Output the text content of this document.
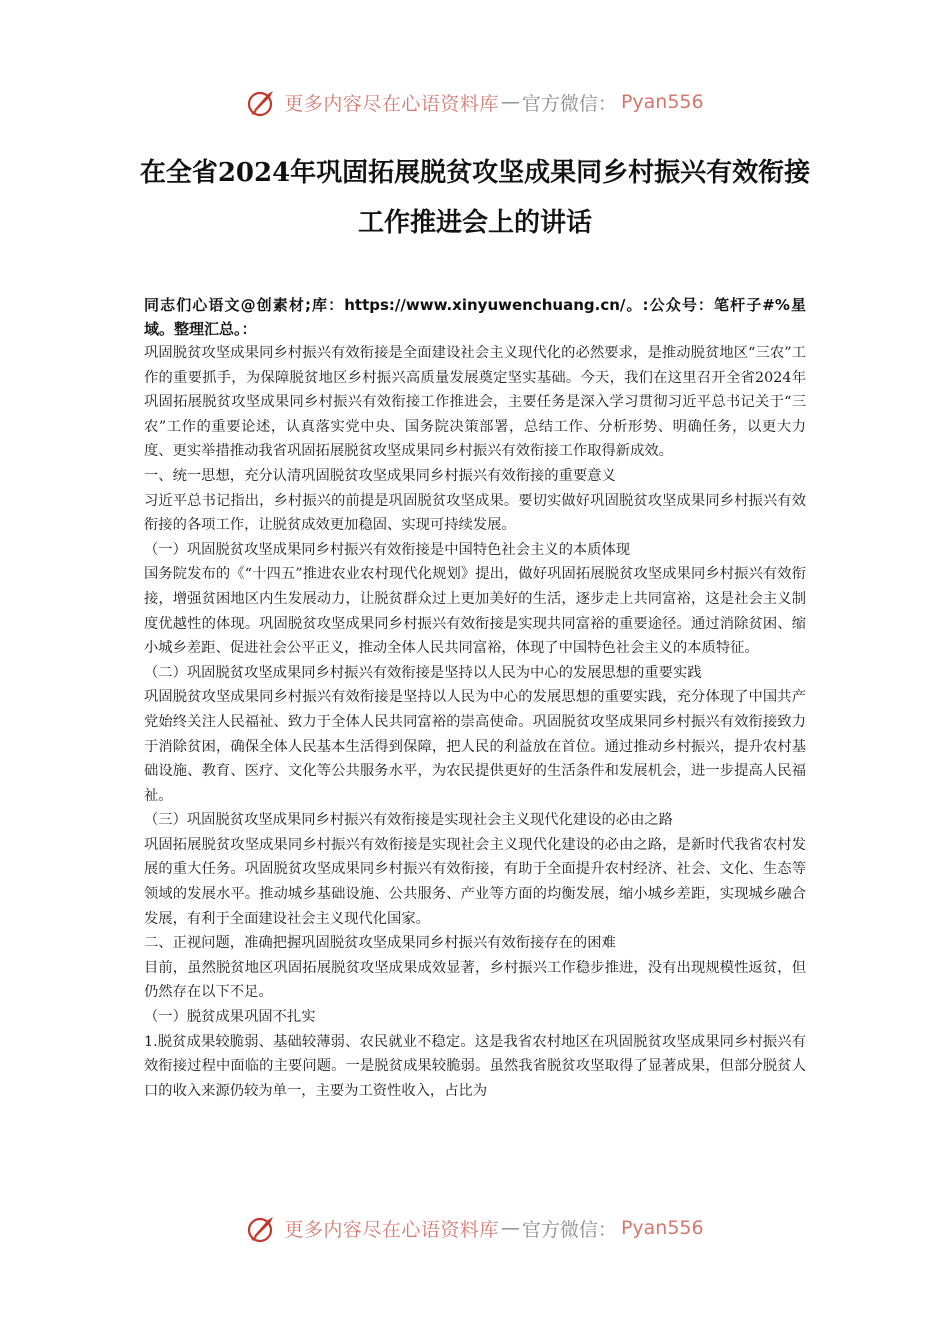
更多内容尽在心语资料库 — 官方微信： Pyan556
在全省2024年巩固拓展脱贫攻坚成果同乡村振兴有效衔接工作推进会上的讲话

同志们心语文@创素材;库：https://www.xinyuwenchuang.cn/。:公众号：笔杆子#%星域。整理汇总。：

巩固脱贫攻坚成果同乡村振兴有效衔接是全面建设社会主义现代化的必然要求，是推动脱贫地区“三农”工作的重要抓手，为保障脱贫地区乡村振兴高质量发展奠定坚实基础。今天，我们在这里召开全省2024年巩固拓展脱贫攻坚成果同乡村振兴有效衔接工作推进会，主要任务是深入学习贯彻习近平总书记关于“三农”工作的重要论述，认真落实党中央、国务院决策部署，总结工作、分析形势、明确任务，以更大力度、更实举措推动我省巩固拓展脱贫攻坚成果同乡村振兴有效衔接工作取得新成效。

一、统一思想，充分认清巩固脱贫攻坚成果同乡村振兴有效衔接的重要意义

习近平总书记指出，乡村振兴的前提是巩固脱贫攻坚成果。要切实做好巩固脱贫攻坚成果同乡村振兴有效衔接的各项工作，让脱贫成效更加稳固、实现可持续发展。

（一）巩固脱贫攻坚成果同乡村振兴有效衔接是中国特色社会主义的本质体现

国务院发布的《“十四五”推进农业农村现代化规划》提出，做好巩固拓展脱贫攻坚成果同乡村振兴有效衔接，增强贫困地区内生发展动力，让脱贫群众过上更加美好的生活，逐步走上共同富裕，这是社会主义制度优越性的体现。巩固脱贫攻坚成果同乡村振兴有效衔接是实现共同富裕的重要途径。通过消除贫困、缩小城乡差距、促进社会公平正义，推动全体人民共同富裕，体现了中国特色社会主义的本质特征。

（二）巩固脱贫攻坚成果同乡村振兴有效衔接是坚持以人民为中心的发展思想的重要实践

巩固脱贫攻坚成果同乡村振兴有效衔接是坚持以人民为中心的发展思想的重要实践，充分体现了中国共产党始终关注人民福祉、致力于全体人民共同富裕的崇高使命。巩固脱贫攻坚成果同乡村振兴有效衔接致力于消除贫困，确保全体人民基本生活得到保障，把人民的利益放在首位。通过推动乡村振兴，提升农村基础设施、教育、医疗、文化等公共服务水平，为农民提供更好的生活条件和发展机会，进一步提高人民福祉。

（三）巩固脱贫攻坚成果同乡村振兴有效衔接是实现社会主义现代化建设的必由之路

巩固拓展脱贫攻坚成果同乡村振兴有效衔接是实现社会主义现代化建设的必由之路，是新时代我省农村发展的重大任务。巩固脱贫攻坚成果同乡村振兴有效衔接，有助于全面提升农村经济、社会、文化、生态等领域的发展水平。推动城乡基础设施、公共服务、产业等方面的均衡发展，缩小城乡差距，实现城乡融合发展，有利于全面建设社会主义现代化国家。

二、正视问题，准确把握巩固脱贫攻坚成果同乡村振兴有效衔接存在的困难

目前，虽然脱贫地区巩固拓展脱贫攻坚成果成效显著，乡村振兴工作稳步推进，没有出现规模性返贫，但仍然存在以下不足。

（一）脱贫成果巩固不扎实

1.脱贫成果较脆弱、基础较薄弱、农民就业不稳定。这是我省农村地区在巩固脱贫攻坚成果同乡村振兴有效衔接过程中面临的主要问题。一是脱贫成果较脆弱。虽然我省脱贫攻坚取得了显著成果，但部分脱贫人口的收入来源仍较为单一，主要为工资性收入，占比为

更多内容尽在心语资料库 — 官方微信： Pyan556
